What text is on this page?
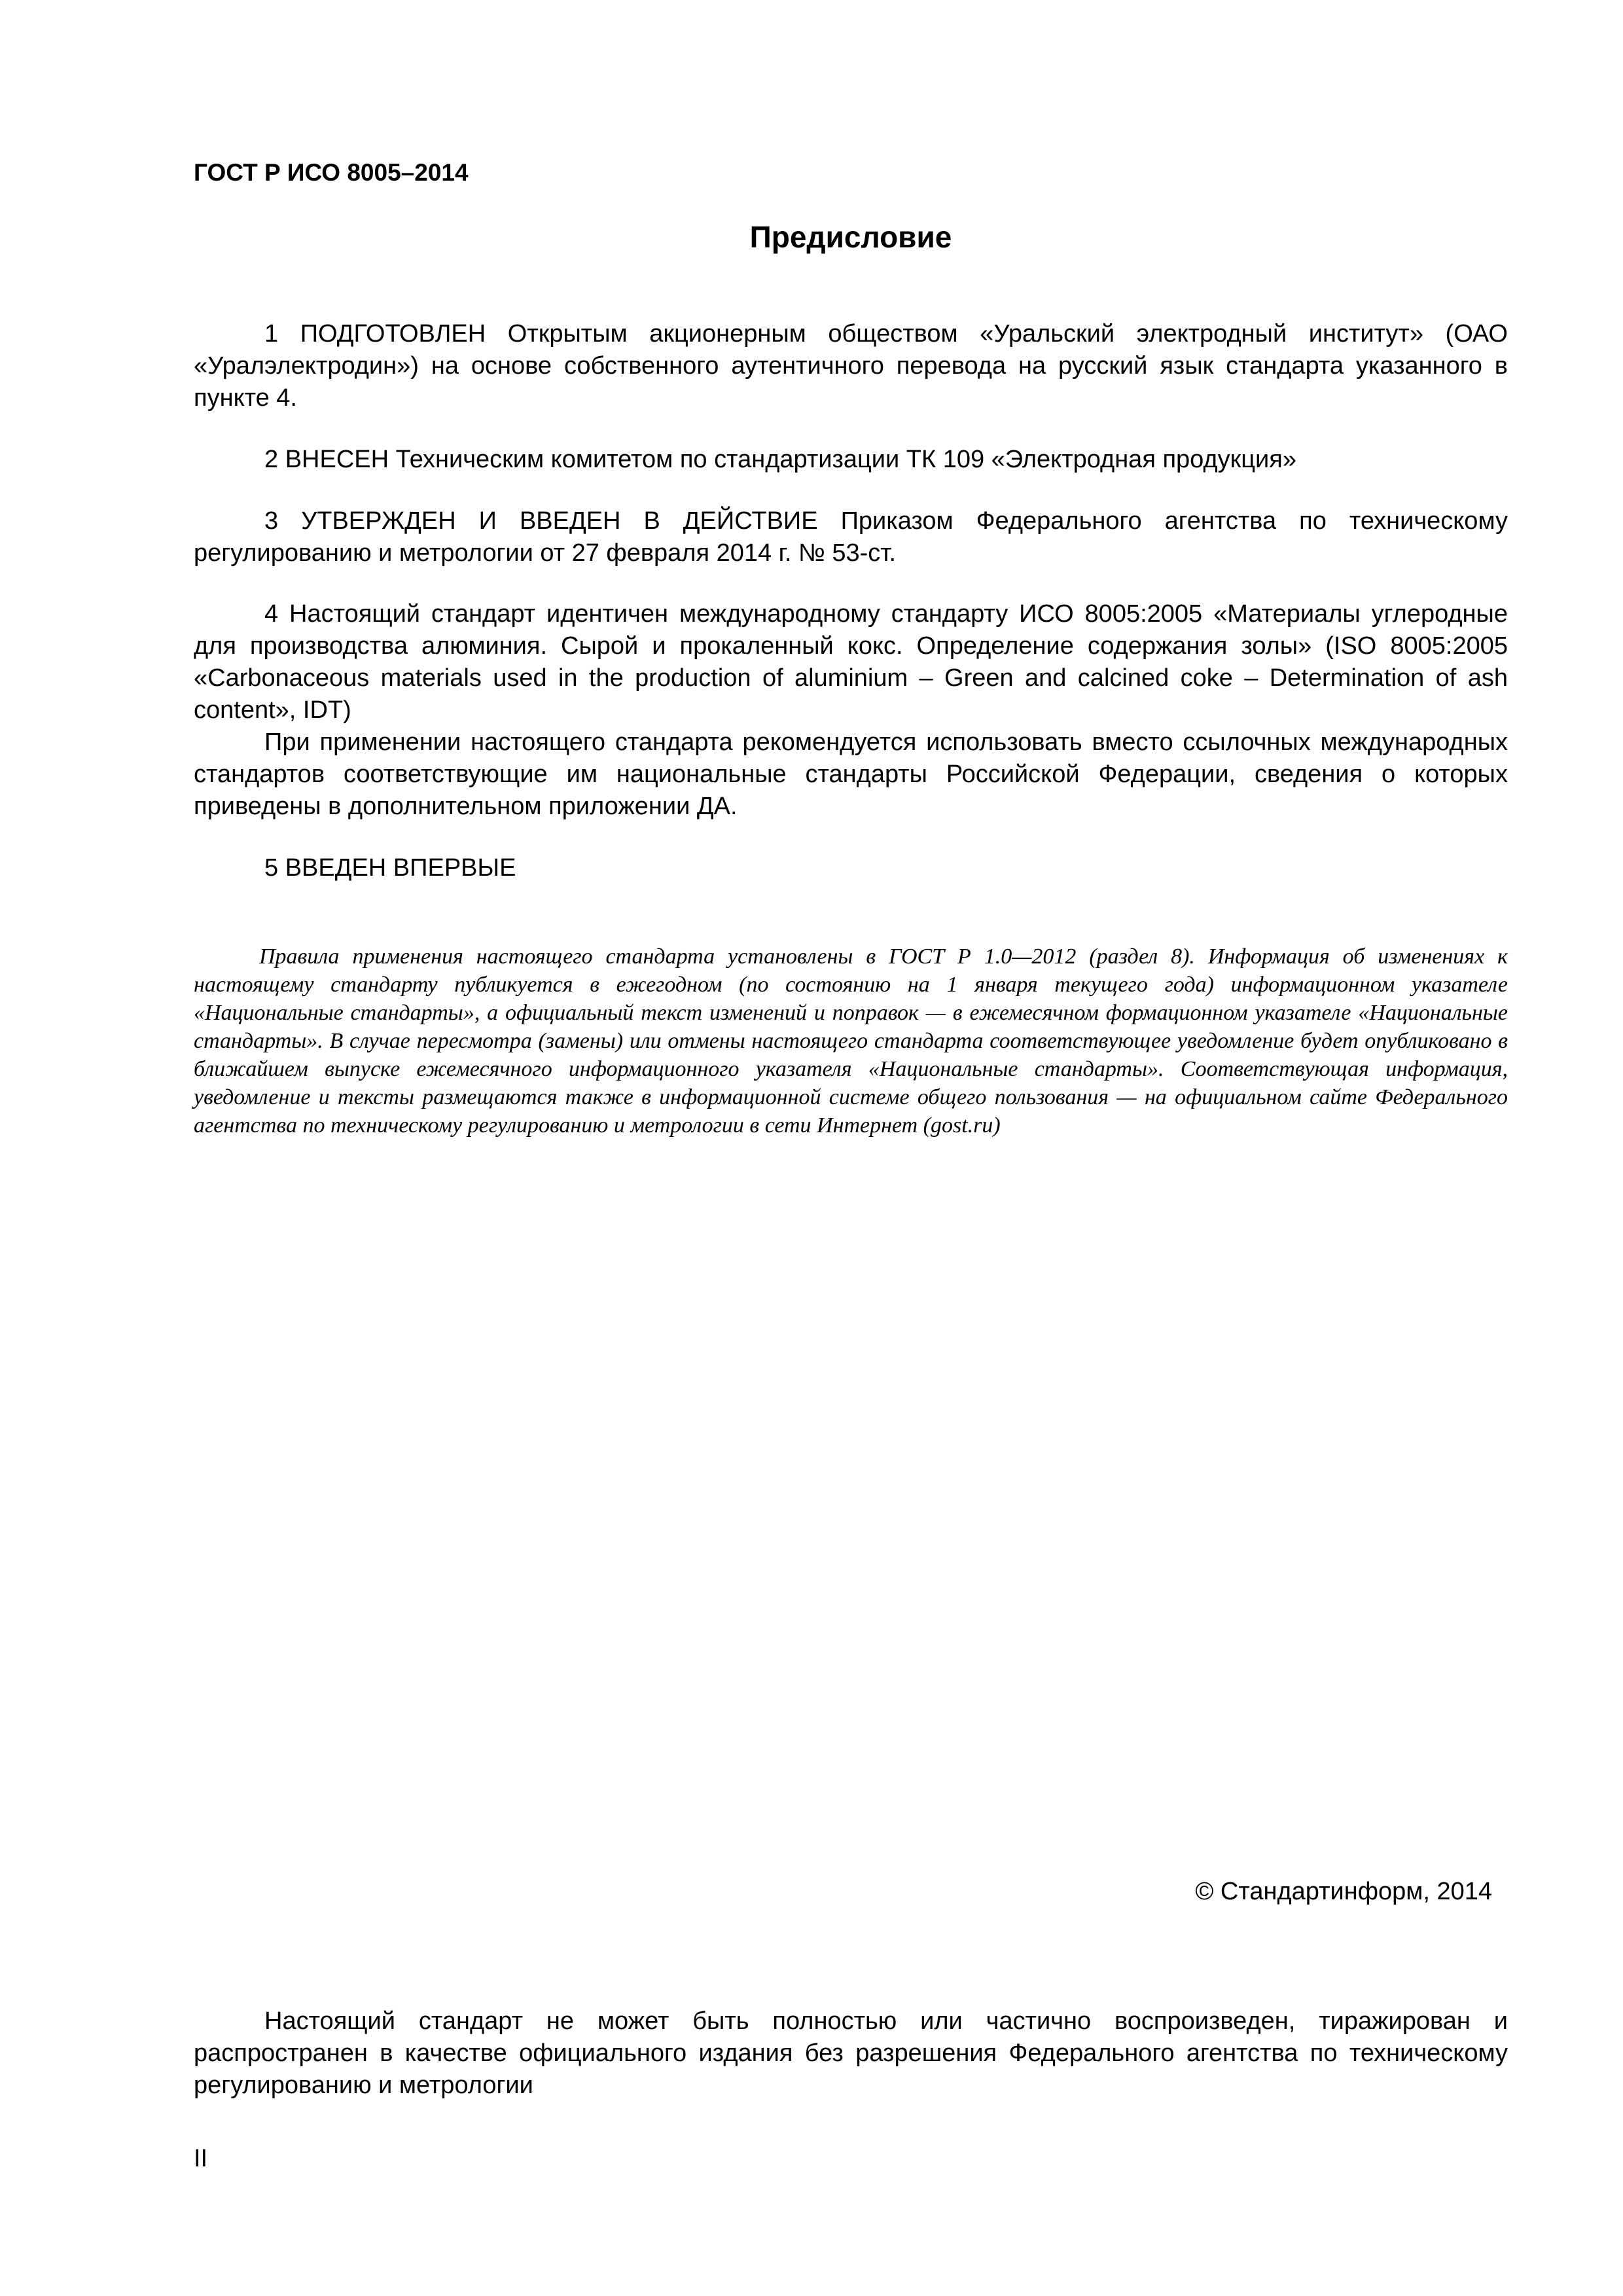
ГОСТ Р ИСО 8005–2014

Предисловие

1 ПОДГОТОВЛЕН Открытым акционерным обществом «Уральский электродный институт» (ОАО «Уралэлектродин») на основе собственного аутентичного перевода на русский язык стандарта указанного в пункте 4.

2 ВНЕСЕН Техническим комитетом по стандартизации ТК 109 «Электродная продукция»

3 УТВЕРЖДЕН И ВВЕДЕН В ДЕЙСТВИЕ Приказом Федерального агентства по техническому регулированию и метрологии от 27 февраля 2014 г. № 53-ст.

4 Настоящий стандарт идентичен международному стандарту ИСО 8005:2005 «Материалы углеродные для производства алюминия. Сырой и прокаленный кокс. Определение содержания золы» (ISO 8005:2005 «Carbonaceous materials used in the production of aluminium – Green and calcined coke – Determination of ash content», IDT)

При применении настоящего стандарта рекомендуется использовать вместо ссылочных международных стандартов соответствующие им национальные стандарты Российской Федерации, сведения о которых приведены в дополнительном приложении ДА.

5 ВВЕДЕН ВПЕРВЫЕ

Правила применения настоящего стандарта установлены в ГОСТ Р 1.0—2012 (раздел 8). Информация об изменениях к настоящему стандарту публикуется в ежегодном (по состоянию на 1 января текущего года) информационном указателе «Национальные стандарты», а официальный текст изменений и поправок — в ежемесячном формационном указателе «Национальные стандарты». В случае пересмотра (замены) или отмены настоящего стандарта соответствующее уведомление будет опубликовано в ближайшем выпуске ежемесячного информационного указателя «Национальные стандарты». Соответствующая информация, уведомление и тексты размещаются также в информационной системе общего пользования — на официальном сайте Федерального агентства по техническому регулированию и метрологии в сети Интернет (gost.ru)

© Стандартинформ, 2014

Настоящий стандарт не может быть полностью или частично воспроизведен, тиражирован и распространен в качестве официального издания без разрешения Федерального агентства по техническому регулированию и метрологии

II
